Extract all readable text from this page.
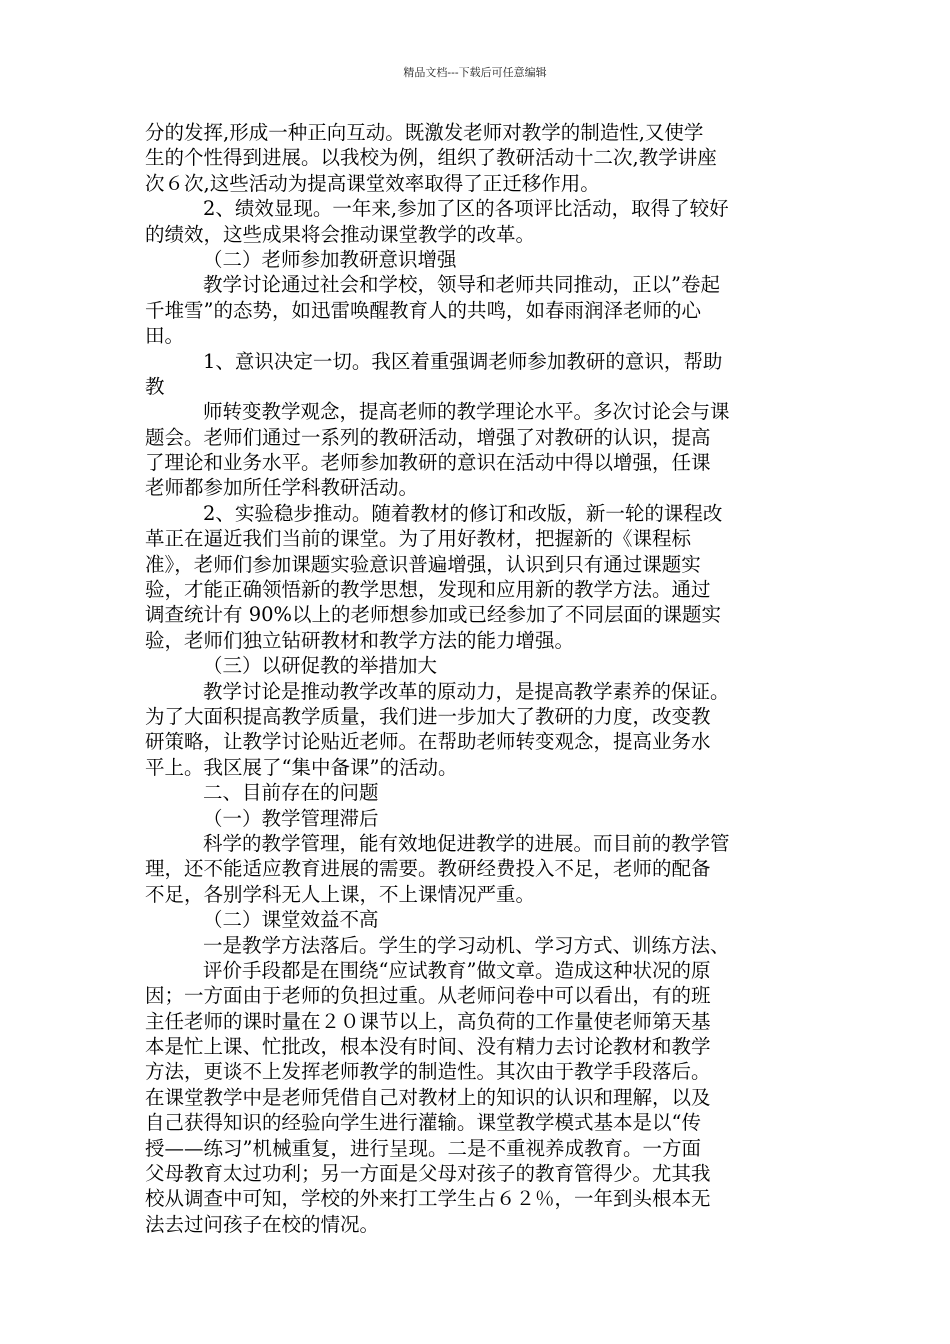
精品文档---下载后可任意编辑
分的发挥,形成一种正向互动。既激发老师对教学的制造性,又使学
生的个性得到进展。以我校为例，组织了教研活动十二次,教学讲座
次６次,这些活动为提高课堂效率取得了正迁移作用。
2、绩效显现。一年来,参加了区的各项评比活动，取得了较好
的绩效，这些成果将会推动课堂教学的改革。
（二）老师参加教研意识增强
教学讨论通过社会和学校，领导和老师共同推动，正以”卷起
千堆雪”的态势，如迅雷唤醒教育人的共鸣，如春雨润泽老师的心
田。
1、意识决定一切。我区着重强调老师参加教研的意识，帮助
教
师转变教学观念，提高老师的教学理论水平。多次讨论会与课
题会。老师们通过一系列的教研活动，增强了对教研的认识，提高
了理论和业务水平。老师参加教研的意识在活动中得以增强，任课
老师都参加所任学科教研活动。
2、实验稳步推动。随着教材的修订和改版，新一轮的课程改
革正在逼近我们当前的课堂。为了用好教材，把握新的《课程标
准》，老师们参加课题实验意识普遍增强，认识到只有通过课题实
验，才能正确领悟新的教学思想，发现和应用新的教学方法。通过
调查统计有 90%以上的老师想参加或已经参加了不同层面的课题实
验，老师们独立钻研教材和教学方法的能力增强。
（三）以研促教的举措加大
教学讨论是推动教学改革的原动力，是提高教学素养的保证。
为了大面积提高教学质量，我们进一步加大了教研的力度，改变教
研策略，让教学讨论贴近老师。在帮助老师转变观念，提高业务水
平上。我区展了“集中备课”的活动。
二、目前存在的问题
（一）教学管理滞后
科学的教学管理，能有效地促进教学的进展。而目前的教学管
理，还不能适应教育进展的需要。教研经费投入不足，老师的配备
不足，各别学科无人上课，不上课情况严重。
（二）课堂效益不高
一是教学方法落后。学生的学习动机、学习方式、训练方法、
评价手段都是在围绕“应试教育”做文章。造成这种状况的原
因；一方面由于老师的负担过重。从老师问卷中可以看出，有的班
主任老师的课时量在２０课节以上，高负荷的工作量使老师第天基
本是忙上课、忙批改，根本没有时间、没有精力去讨论教材和教学
方法，更谈不上发挥老师教学的制造性。其次由于教学手段落后。
在课堂教学中是老师凭借自己对教材上的知识的认识和理解，以及
自己获得知识的经验向学生进行灌输。课堂教学模式基本是以“传
授——练习”机械重复，进行呈现。二是不重视养成教育。一方面
父母教育太过功利；另一方面是父母对孩子的教育管得少。尤其我
校从调查中可知，学校的外来打工学生占６２％，一年到头根本无
法去过问孩子在校的情况。
